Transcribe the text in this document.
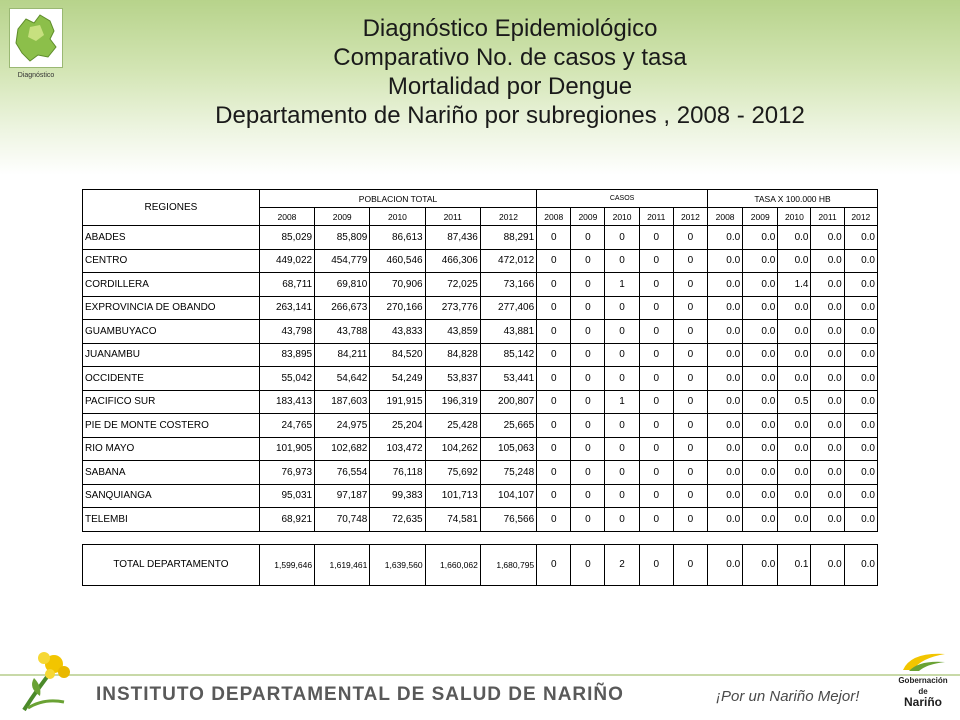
Diagnóstico
Diagnóstico Epidemiológico
Comparativo No. de casos y tasa
Mortalidad por Dengue
Departamento de Nariño por subregiones , 2008 - 2012
REGIONES	POBLACION TOTAL					CASOS					TASA X 100.000 HB				
	2008	2009	2010	2011	2012	2008	2009	2010	2011	2012	2008	2009	2010	2011	2012
ABADES	85,029	85,809	86,613	87,436	88,291	0	0	0	0	0	0.0	0.0	0.0	0.0	0.0
CENTRO	449,022	454,779	460,546	466,306	472,012	0	0	0	0	0	0.0	0.0	0.0	0.0	0.0
CORDILLERA	68,711	69,810	70,906	72,025	73,166	0	0	1	0	0	0.0	0.0	1.4	0.0	0.0
EXPROVINCIA DE OBANDO	263,141	266,673	270,166	273,776	277,406	0	0	0	0	0	0.0	0.0	0.0	0.0	0.0
GUAMBUYACO	43,798	43,788	43,833	43,859	43,881	0	0	0	0	0	0.0	0.0	0.0	0.0	0.0
JUANAMBU	83,895	84,211	84,520	84,828	85,142	0	0	0	0	0	0.0	0.0	0.0	0.0	0.0
OCCIDENTE	55,042	54,642	54,249	53,837	53,441	0	0	0	0	0	0.0	0.0	0.0	0.0	0.0
PACIFICO SUR	183,413	187,603	191,915	196,319	200,807	0	0	1	0	0	0.0	0.0	0.5	0.0	0.0
PIE DE MONTE COSTERO	24,765	24,975	25,204	25,428	25,665	0	0	0	0	0	0.0	0.0	0.0	0.0	0.0
RIO MAYO	101,905	102,682	103,472	104,262	105,063	0	0	0	0	0	0.0	0.0	0.0	0.0	0.0
SABANA	76,973	76,554	76,118	75,692	75,248	0	0	0	0	0	0.0	0.0	0.0	0.0	0.0
SANQUIANGA	95,031	97,187	99,383	101,713	104,107	0	0	0	0	0	0.0	0.0	0.0	0.0	0.0
TELEMBI	68,921	70,748	72,635	74,581	76,566	0	0	0	0	0	0.0	0.0	0.0	0.0	0.0

TOTAL DEPARTAMENTO	1,599,646	1,619,461	1,639,560	1,660,062	1,680,795	0	0	2	0	0	0.0	0.0	0.1	0.0	0.0
INSTITUTO DEPARTAMENTAL DE SALUD DE NARIÑO	¡Por un Nariño Mejor!
Gobernación de
Nariño
